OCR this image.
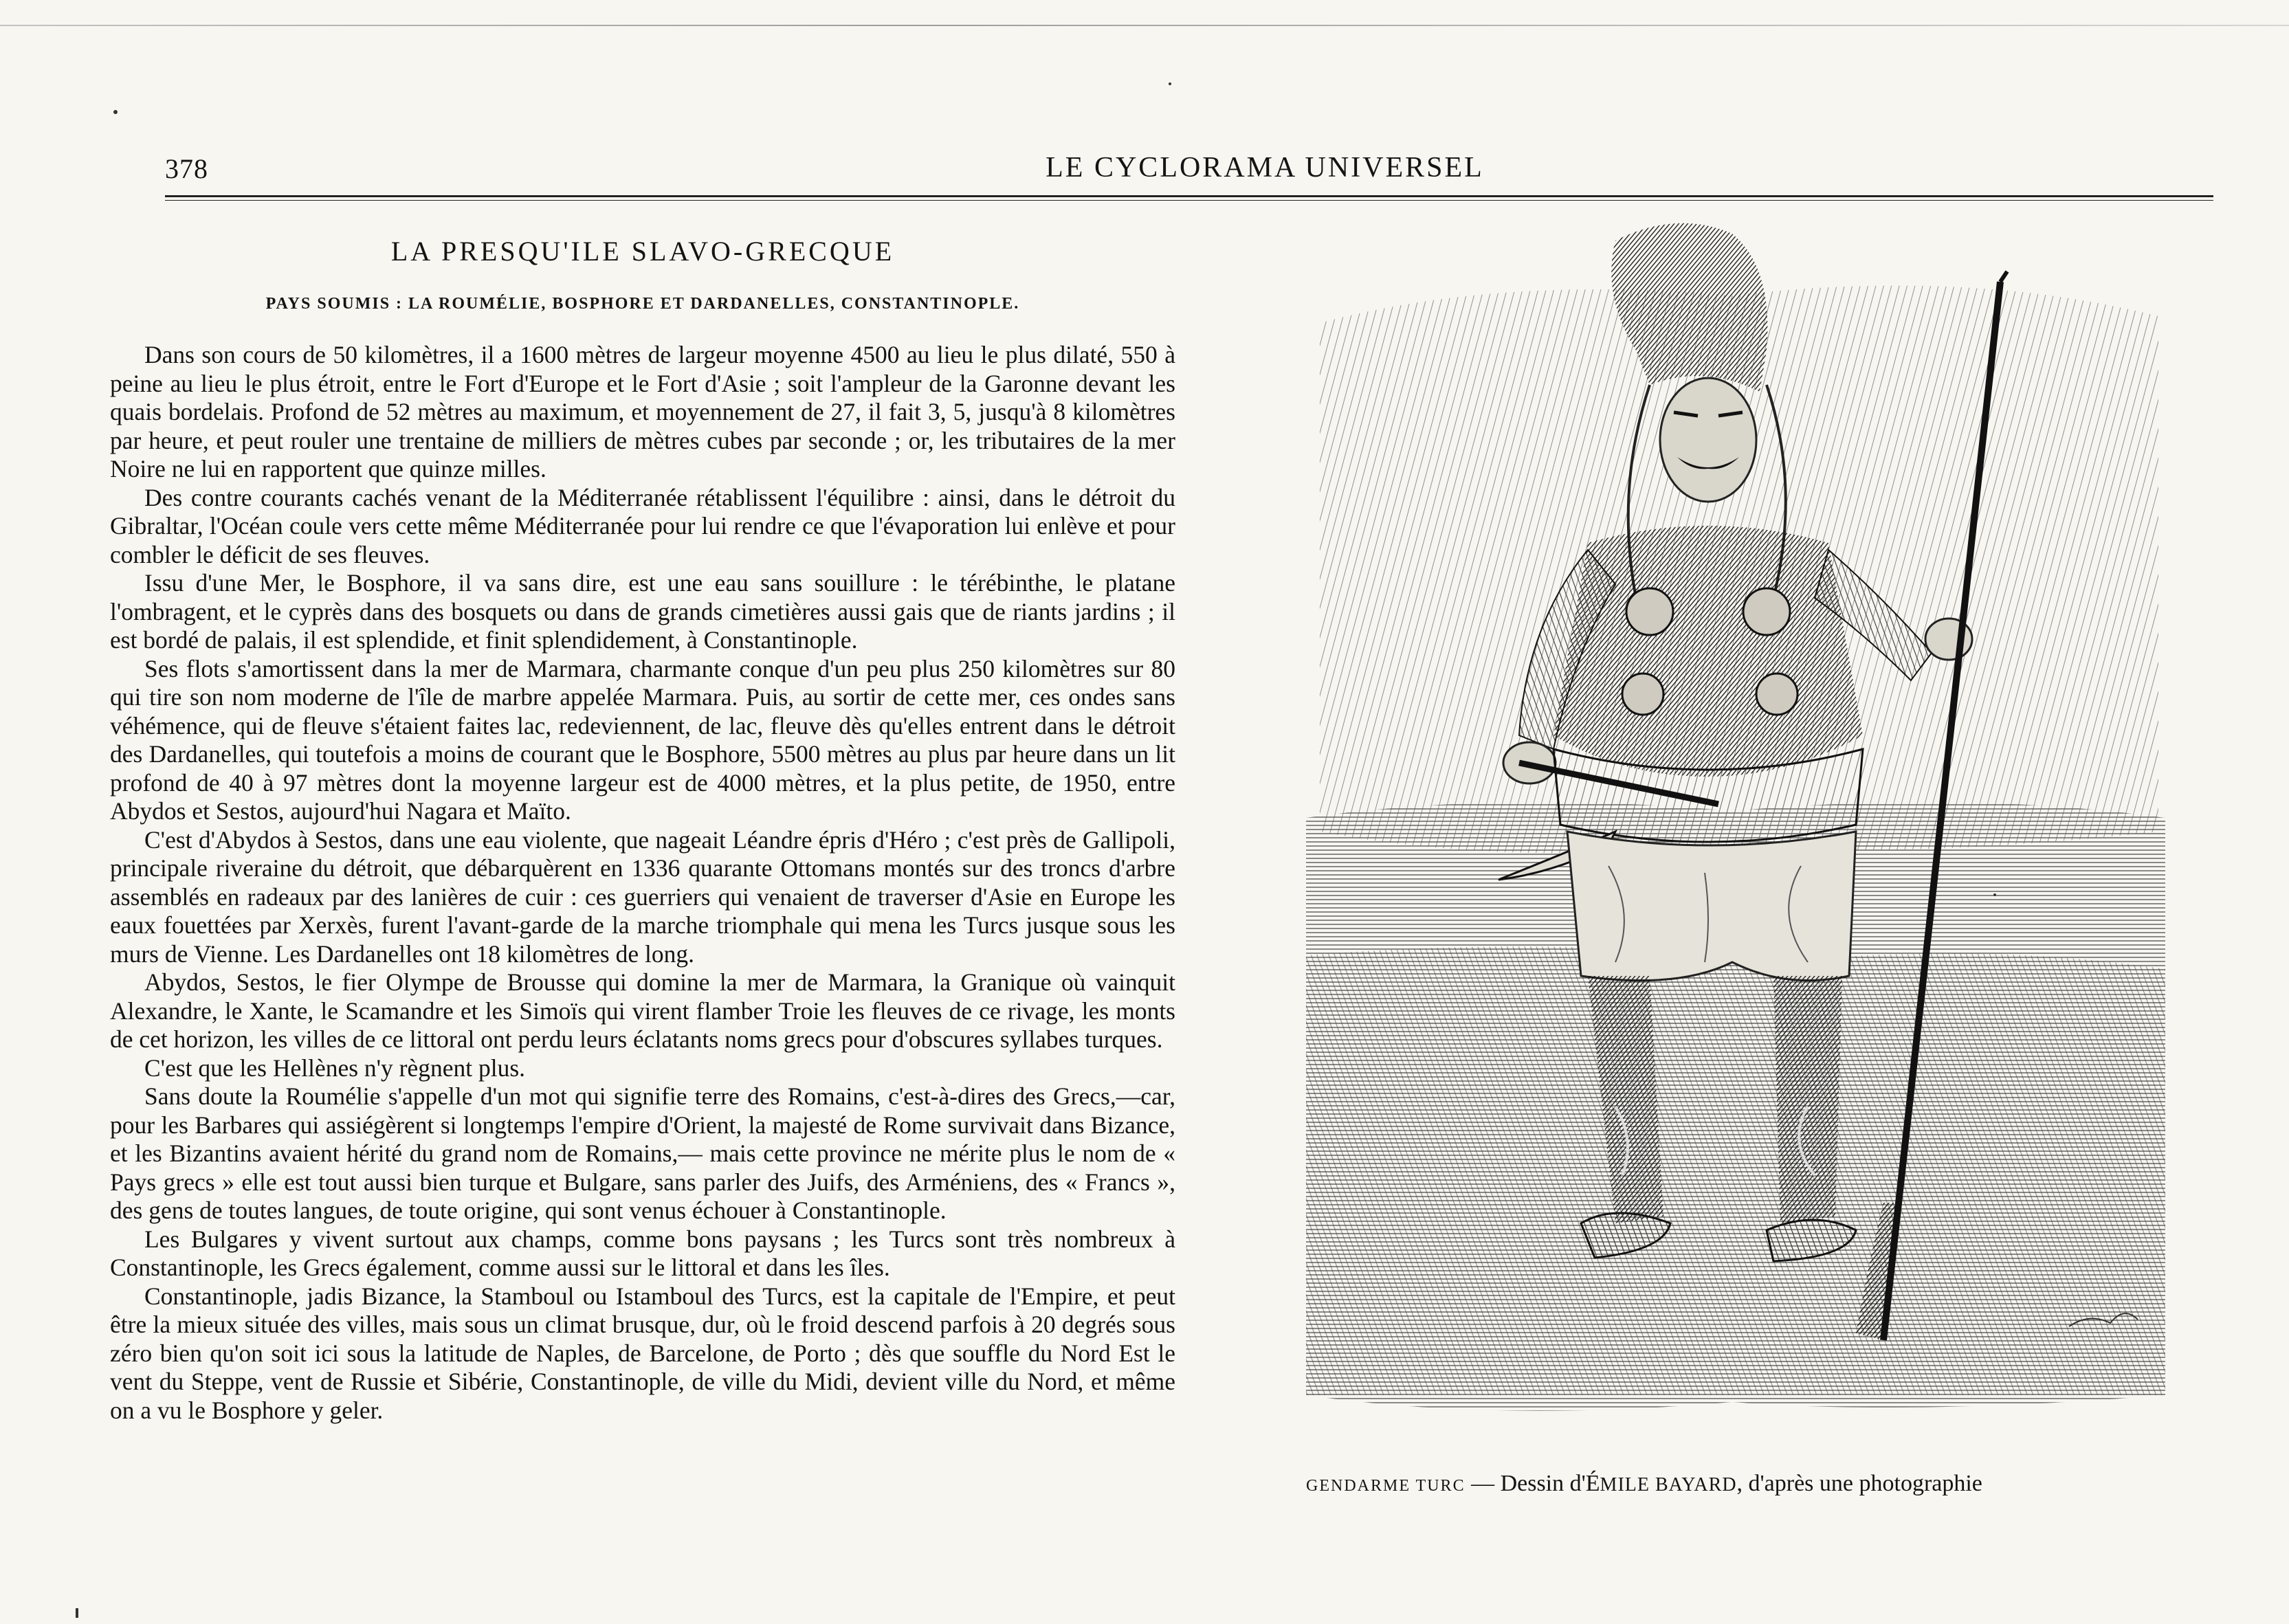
378	LE CYCLORAMA UNIVERSEL
LA PRESQU'ILE SLAVO-GRECQUE
PAYS SOUMIS : LA ROUMÉLIE, BOSPHORE ET DARDANELLES, CONSTANTINOPLE.

Dans son cours de 50 kilomètres, il a 1600 mètres de largeur moyenne 4500 au lieu le plus dilaté, 550 à peine au lieu le plus étroit, entre le Fort d'Europe et le Fort d'Asie ; soit l'ampleur de la Garonne devant les quais bordelais. Profond de 52 mètres au maximum, et moyennement de 27, il fait 3, 5, jusqu'à 8 kilomètres par heure, et peut rouler une trentaine de milliers de mètres cubes par seconde ; or, les tributaires de la mer Noire ne lui en rapportent que quinze milles.

Des contre courants cachés venant de la Méditerranée rétablissent l'équilibre : ainsi, dans le détroit du Gibraltar, l'Océan coule vers cette même Méditerranée pour lui rendre ce que l'évaporation lui enlève et pour combler le déficit de ses fleuves.

Issu d'une Mer, le Bosphore, il va sans dire, est une eau sans souillure : le térébinthe, le platane l'ombragent, et le cyprès dans des bosquets ou dans de grands cimetières aussi gais que de riants jardins ; il est bordé de palais, il est splendide, et finit splendidement, à Constantinople.

Ses flots s'amortissent dans la mer de Marmara, charmante conque d'un peu plus 250 kilomètres sur 80 qui tire son nom moderne de l'île de marbre appelée Marmara. Puis, au sortir de cette mer, ces ondes sans véhémence, qui de fleuve s'étaient faites lac, redeviennent, de lac, fleuve dès qu'elles entrent dans le détroit des Dardanelles, qui toutefois a moins de courant que le Bosphore, 5500 mètres au plus par heure dans un lit profond de 40 à 97 mètres dont la moyenne largeur est de 4000 mètres, et la plus petite, de 1950, entre Abydos et Sestos, aujourd'hui Nagara et Maïto.

C'est d'Abydos à Sestos, dans une eau violente, que nageait Léandre épris d'Héro ; c'est près de Gallipoli, principale riveraine du détroit, que débarquèrent en 1336 quarante Ottomans montés sur des troncs d'arbre assemblés en radeaux par des lanières de cuir : ces guerriers qui venaient de traverser d'Asie en Europe les eaux fouettées par Xerxès, furent l'avant-garde de la marche triomphale qui mena les Turcs jusque sous les murs de Vienne. Les Dardanelles ont 18 kilomètres de long.

Abydos, Sestos, le fier Olympe de Brousse qui domine la mer de Marmara, la Granique où vainquit Alexandre, le Xante, le Scamandre et les Simoïs qui virent flamber Troie les fleuves de ce rivage, les monts de cet horizon, les villes de ce littoral ont perdu leurs éclatants noms grecs pour d'obscures syllabes turques.

C'est que les Hellènes n'y règnent plus.

Sans doute la Roumélie s'appelle d'un mot qui signifie terre des Romains, c'est-à-dires des Grecs,—car, pour les Barbares qui assiégèrent si longtemps l'empire d'Orient, la majesté de Rome survivait dans Bizance, et les Bizantins avaient hérité du grand nom de Romains,— mais cette province ne mérite plus le nom de « Pays grecs » elle est tout aussi bien turque et Bulgare, sans parler des Juifs, des Arméniens, des « Francs », des gens de toutes langues, de toute origine, qui sont venus échouer à Constantinople.

Les Bulgares y vivent surtout aux champs, comme bons paysans ; les Turcs sont très nombreux à Constantinople, les Grecs également, comme aussi sur le littoral et dans les îles.

Constantinople, jadis Bizance, la Stamboul ou Istamboul des Turcs, est la capitale de l'Empire, et peut être la mieux située des villes, mais sous un climat brusque, dur, où le froid descend parfois à 20 degrés sous zéro bien qu'on soit ici sous la latitude de Naples, de Barcelone, de Porto ; dès que souffle du Nord Est le vent du Steppe, vent de Russie et Sibérie, Constantinople, de ville du Midi, devient ville du Nord, et même on a vu le Bosphore y geler.

GENDARME TURC — Dessin d'ÉMILE BAYARD, d'après une photographie
